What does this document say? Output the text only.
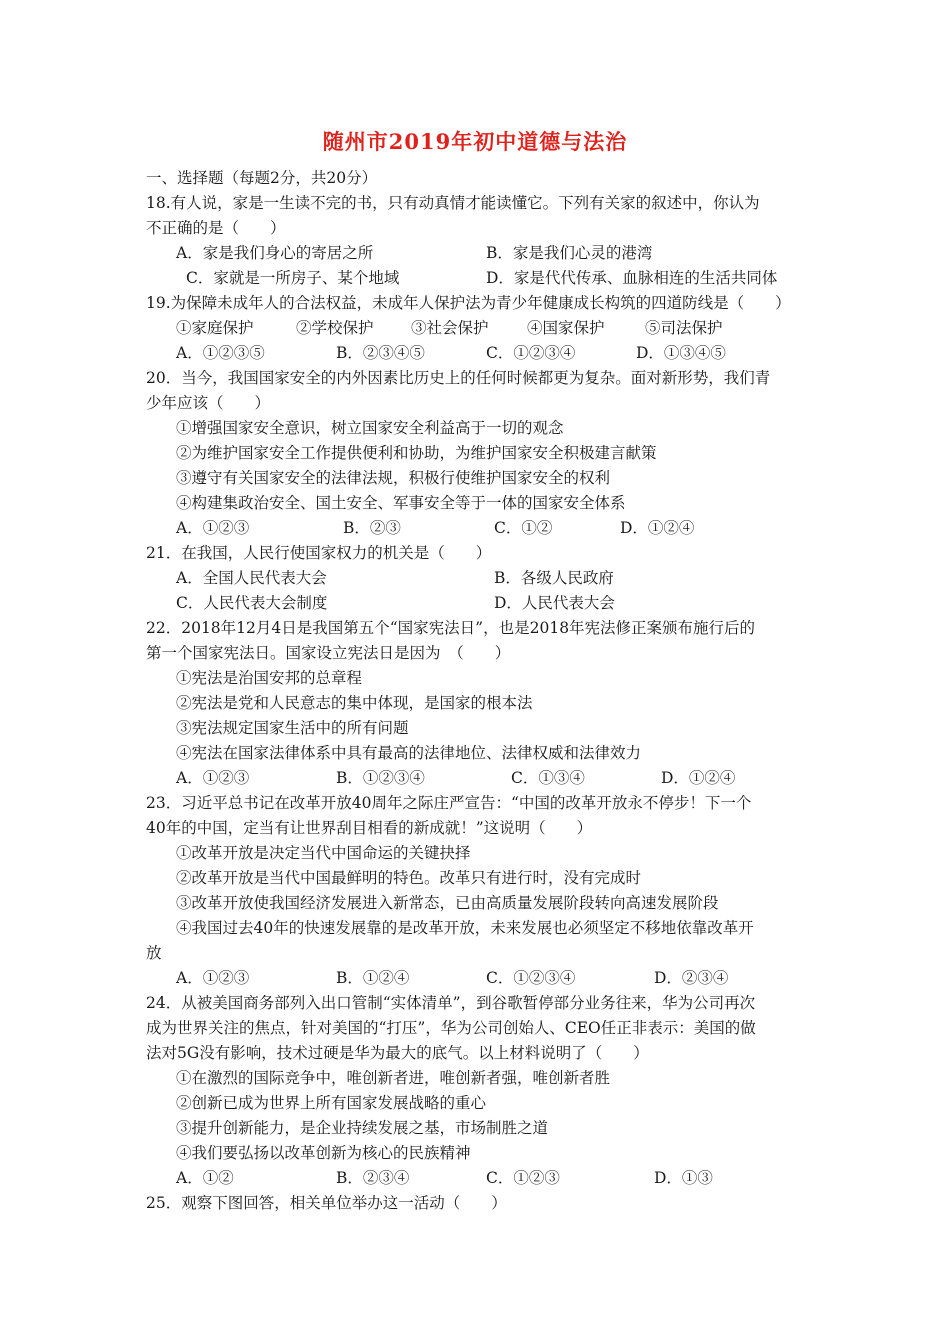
随州市2019年初中道德与法治
一、选择题（每题2分，共20分）
18.有人说，家是一生读不完的书，只有动真情才能读懂它。下列有关家的叙述中，你认为
不正确的是（　　）
A．家是我们身心的寄居之所	B．家是我们心灵的港湾
C．家就是一所房子、某个地域	D．家是代代传承、血脉相连的生活共同体
19.为保障未成年人的合法权益，未成年人保护法为青少年健康成长构筑的四道防线是（　　）
①家庭保护	②学校保护 ③社会保护 ④国家保护	⑤司法保护
A．①②③⑤	B．②③④⑤	C．①②③④	D．①③④⑤
20．当今，我国国家安全的内外因素比历史上的任何时候都更为复杂。面对新形势，我们青
少年应该（　　）
①增强国家安全意识，树立国家安全利益高于一切的观念
②为维护国家安全工作提供便利和协助，为维护国家安全积极建言献策
③遵守有关国家安全的法律法规，积极行使维护国家安全的权利
④构建集政治安全、国土安全、军事安全等于一体的国家安全体系
A．①②③	B．②③	C．①②	D．①②④
21．在我国，人民行使国家权力的机关是（　　）
A．全国人民代表大会	B．各级人民政府
C．人民代表大会制度	D．人民代表大会
22．2018年12月4日是我国第五个“国家宪法日”，也是2018年宪法修正案颁布施行后的
第一个国家宪法日。国家设立宪法日是因为　（　　）
①宪法是治国安邦的总章程
②宪法是党和人民意志的集中体现，是国家的根本法
③宪法规定国家生活中的所有问题
④宪法在国家法律体系中具有最高的法律地位、法律权威和法律效力
A．①②③	B．①②③④	C．①③④	D．①②④
23．习近平总书记在改革开放40周年之际庄严宣告：“中国的改革开放永不停步！下一个
40年的中国，定当有让世界刮目相看的新成就！”这说明（　　）
①改革开放是决定当代中国命运的关键抉择
②改革开放是当代中国最鲜明的特色。改革只有进行时，没有完成时
③改革开放使我国经济发展进入新常态，已由高质量发展阶段转向高速发展阶段
④我国过去40年的快速发展靠的是改革开放，未来发展也必须坚定不移地依靠改革开
放
A．①②③	B．①②④	C．①②③④	D．②③④
24．从被美国商务部列入出口管制“实体清单”，到谷歌暂停部分业务往来，华为公司再次
成为世界关注的焦点，针对美国的“打压”，华为公司创始人、CEO任正非表示：美国的做
法对5G没有影响，技术过硬是华为最大的底气。以上材料说明了（　　）
①在激烈的国际竞争中，唯创新者进，唯创新者强，唯创新者胜
②创新已成为世界上所有国家发展战略的重心
③提升创新能力，是企业持续发展之基，市场制胜之道
④我们要弘扬以改革创新为核心的民族精神
A．①②	B．②③④	C．①②③	D．①③
25．观察下图回答，相关单位举办这一活动（　　）
